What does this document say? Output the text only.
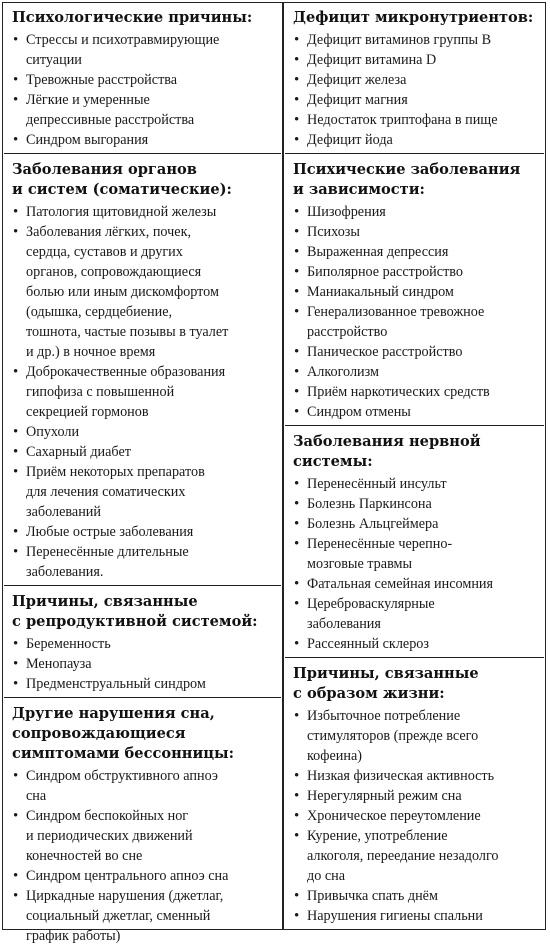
Психологические причины:
• Стрессы и психотравмирующие
ситуации
• Тревожные расстройства
• Лёгкие и умеренные
депрессивные расстройства
• Синдром выгорания
Заболевания органов
и систем (соматические):
• Патология щитовидной железы
• Заболевания лёгких, почек,
сердца, суставов и других
органов, сопровождающиеся
болью или иным дискомфортом
(одышка, сердцебиение,
тошнота, частые позывы в туалет
и др.) в ночное время
• Доброкачественные образования
гипофиза с повышенной
секрецией гормонов
• Опухоли
• Сахарный диабет
• Приём некоторых препаратов
для лечения соматических
заболеваний
• Любые острые заболевания
• Перенесённые длительные
заболевания.
Причины, связанные
с репродуктивной системой:
• Беременность
• Менопауза
• Предменструальный синдром
Другие нарушения сна,
сопровождающиеся
симптомами бессонницы:
• Синдром обструктивного апноэ
сна
• Синдром беспокойных ног
и периодических движений
конечностей во сне
• Синдром центрального апноэ сна
• Циркадные нарушения (джетлаг,
социальный джетлаг, сменный
график работы)
Дефицит микронутриентов:
• Дефицит витаминов группы B
• Дефицит витамина D
• Дефицит железа
• Дефицит магния
• Недостаток триптофана в пище
• Дефицит йода
Психические заболевания
и зависимости:
• Шизофрения
• Психозы
• Выраженная депрессия
• Биполярное расстройство
• Маниакальный синдром
• Генерализованное тревожное
расстройство
• Паническое расстройство
• Алкоголизм
• Приём наркотических средств
• Синдром отмены
Заболевания нервной
системы:
• Перенесённый инсульт
• Болезнь Паркинсона
• Болезнь Альцгеймера
• Перенесённые черепно-
мозговые травмы
• Фатальная семейная инсомния
• Цереброваскулярные
заболевания
• Рассеянный склероз
Причины, связанные
с образом жизни:
• Избыточное потребление
стимуляторов (прежде всего
кофеина)
• Низкая физическая активность
• Нерегулярный режим сна
• Хроническое переутомление
• Курение, употребление
алкоголя, переедание незадолго
до сна
• Привычка спать днём
• Нарушения гигиены спальни
